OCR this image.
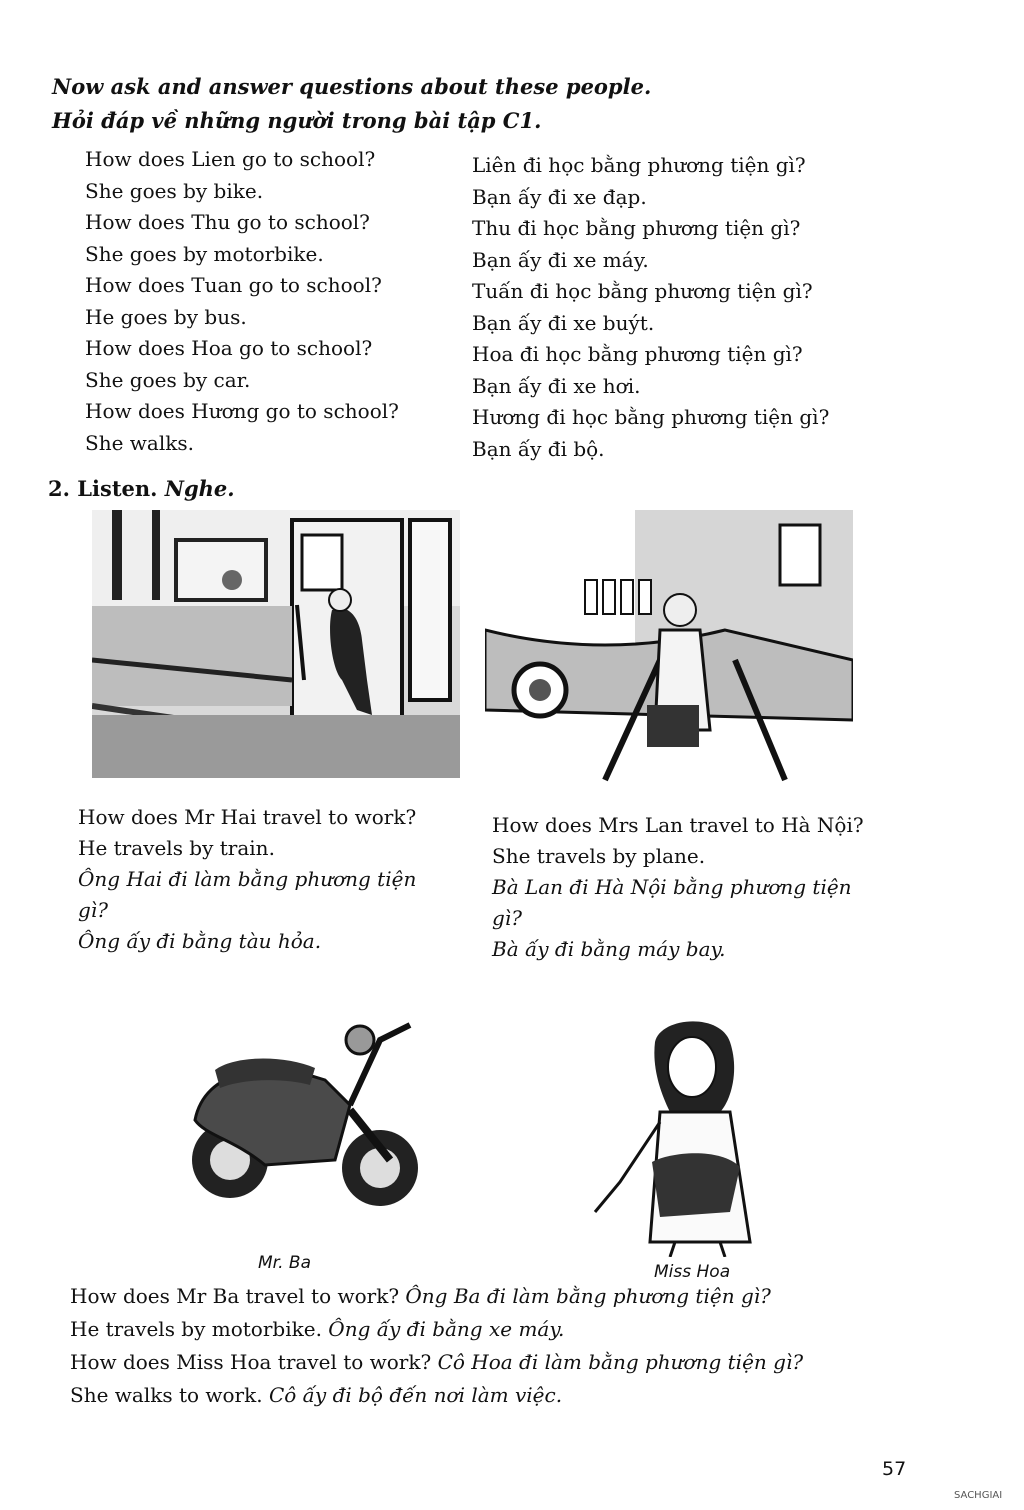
Now ask and answer questions about these people.
Hỏi đáp về những người trong bài tập C1.
How does Lien go to school?
She goes by bike.
How does Thu go to school?
She goes by motorbike.
How does Tuan go to school?
He goes by bus.
How does Hoa go to school?
She goes by car.
How does Hương go to school?
She walks.
Liên đi học bằng phương tiện gì?
Bạn ấy đi xe đạp.
Thu đi học bằng phương tiện gì?
Bạn ấy đi xe máy.
Tuấn đi học bằng phương tiện gì?
Bạn ấy đi xe buýt.
Hoa đi học bằng phương tiện gì?
Bạn ấy đi xe hơi.
Hương đi học bằng phương tiện gì?
Bạn ấy đi bộ.
2. Listen. Nghe.
How does Mr Hai travel to work?
He travels by train.
Ông Hai đi làm bằng phương tiện
gì?
Ông ấy đi bằng tàu hỏa.
How does Mrs Lan travel to Hà Nội?
She travels by plane.
Bà Lan đi Hà Nội bằng phương tiện
gì?
Bà ấy đi bằng máy bay.
Mr. Ba	Miss Hoa
How does Mr Ba travel to work? Ông Ba đi làm bằng phương tiện gì?
He travels by motorbike. Ông ấy đi bằng xe máy.
How does Miss Hoa travel to work? Cô Hoa đi làm bằng phương tiện gì?
She walks to work. Cô ấy đi bộ đến nơi làm việc.
57
SACHGIAI
